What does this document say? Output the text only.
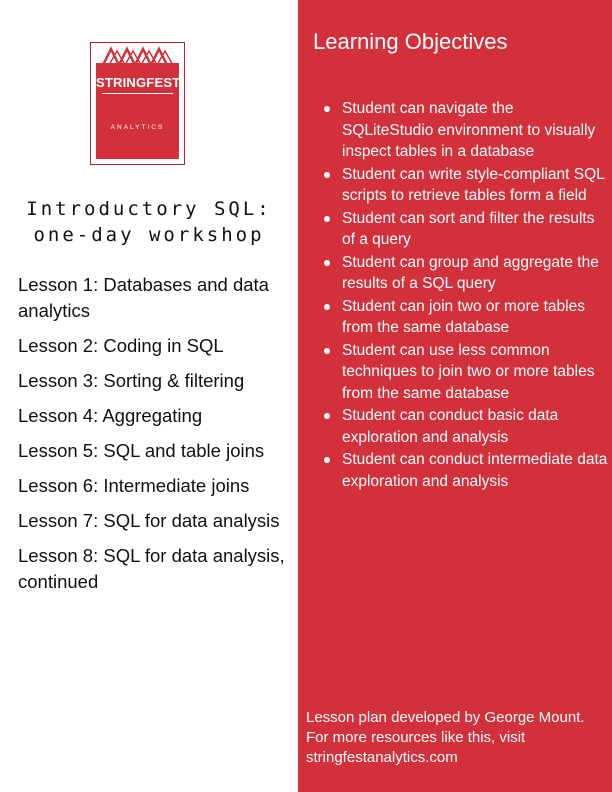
STRINGFEST
ANALYTICS
Introductory SQL:
one-day workshop
Lesson 1: Databases and data analytics
Lesson 2: Coding in SQL
Lesson 3: Sorting & filtering
Lesson 4: Aggregating
Lesson 5: SQL and table joins
Lesson 6: Intermediate joins
Lesson 7: SQL for data analysis
Lesson 8: SQL for data analysis, continued
Learning Objectives
Student can navigate the SQLiteStudio environment to visually inspect tables in a database
Student can write style-compliant SQL scripts to retrieve tables form a field
Student can sort and filter the results of a query
Student can group and aggregate the results of a SQL query
Student can join two or more tables from the same database
Student can use less common techniques to join two or more tables from the same database
Student can conduct basic data exploration and analysis
Student can conduct intermediate data exploration and analysis
Lesson plan developed by George Mount. For more resources like this, visit stringfestanalytics.com
